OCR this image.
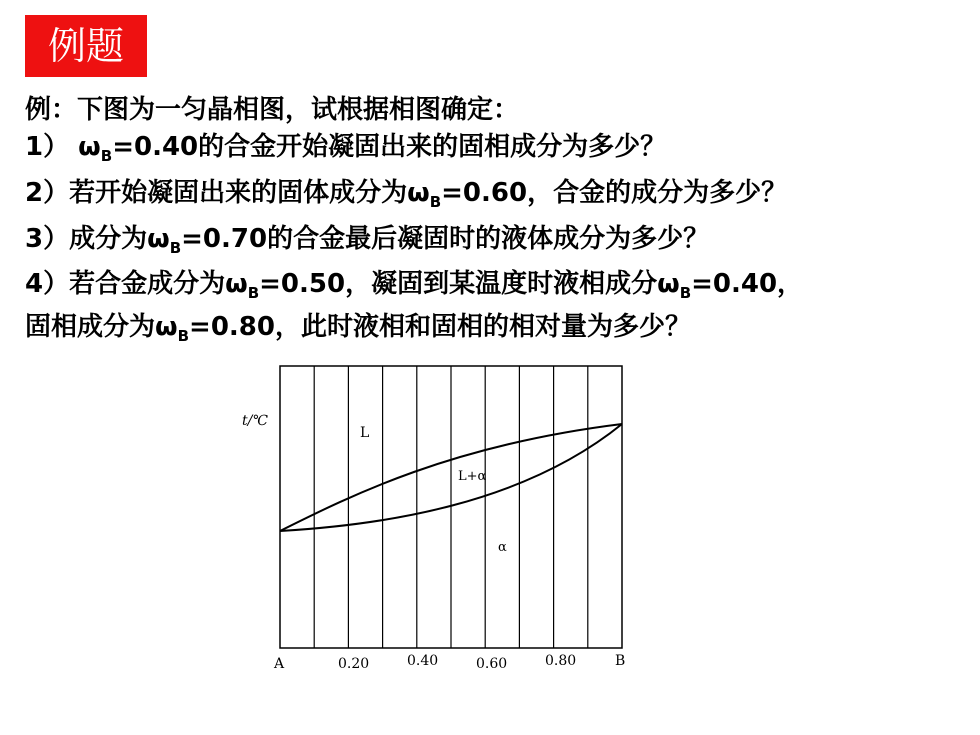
例题
例：下图为一匀晶相图，试根据相图确定：
1） $\omega_B=0.40$的合金开始凝固出来的固相成分为多少？
2）若开始凝固出来的固体成分为$\omega_B=0.60$，合金的成分为多少？
3）成分为$\omega_B=0.70$的合金最后凝固时的液体成分为多少？
4）若合金成分为$\omega_B=0.50$，凝固到某温度时液相成分$\omega_B=0.40$，
固相成分为$\omega_B=0.80$，此时液相和固相的相对量为多少？
t/℃
L
L+α
α
A	0.20	0.40	0.60	0.80	B
